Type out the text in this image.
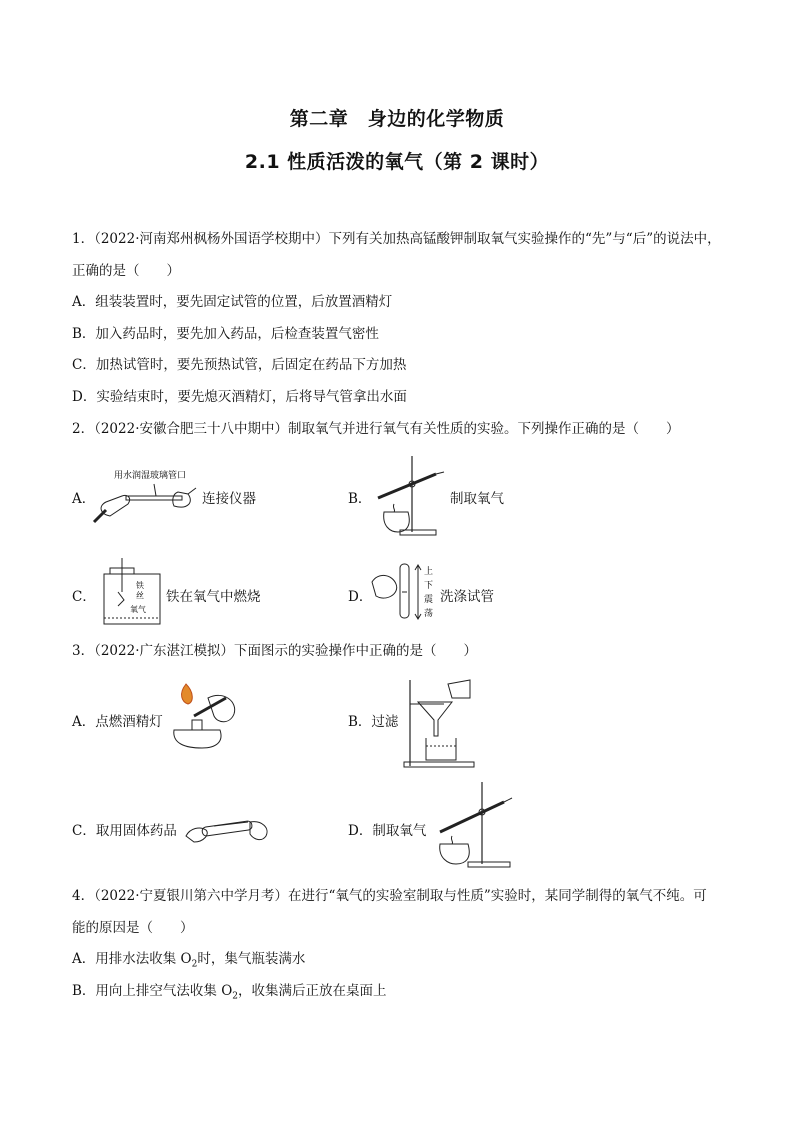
第二章　身边的化学物质
2.1 性质活泼的氧气（第 2 课时）
1．（2022·河南郑州枫杨外国语学校期中）下列有关加热高锰酸钾制取氧气实验操作的“先”与“后”的说法中，
正确的是（　　）
A．组装装置时，要先固定试管的位置，后放置酒精灯
B．加入药品时，要先加入药品，后检查装置气密性
C．加热试管时，要先预热试管，后固定在药品下方加热
D．实验结束时，要先熄灭酒精灯，后将导气管拿出水面
2．（2022·安徽合肥三十八中期中）制取氧气并进行氧气有关性质的实验。下列操作正确的是（　　）
A．
用水润湿玻璃管口
连接仪器	B．	制取氧气
C．
铁
丝
氧气
铁在氧气中燃烧	D．
上
下
震
荡
洗涤试管
3．（2022·广东湛江模拟）下面图示的实验操作中正确的是（　　）
A．点燃酒精灯	B．过滤
C．取用固体药品	D．制取氧气
4．（2022·宁夏银川第六中学月考）在进行“氧气的实验室制取与性质”实验时，某同学制得的氧气不纯。可
能的原因是（　　）
A．用排水法收集 $O_2$时，集气瓶装满水
B．用向上排空气法收集 $O_2$，收集满后正放在桌面上
